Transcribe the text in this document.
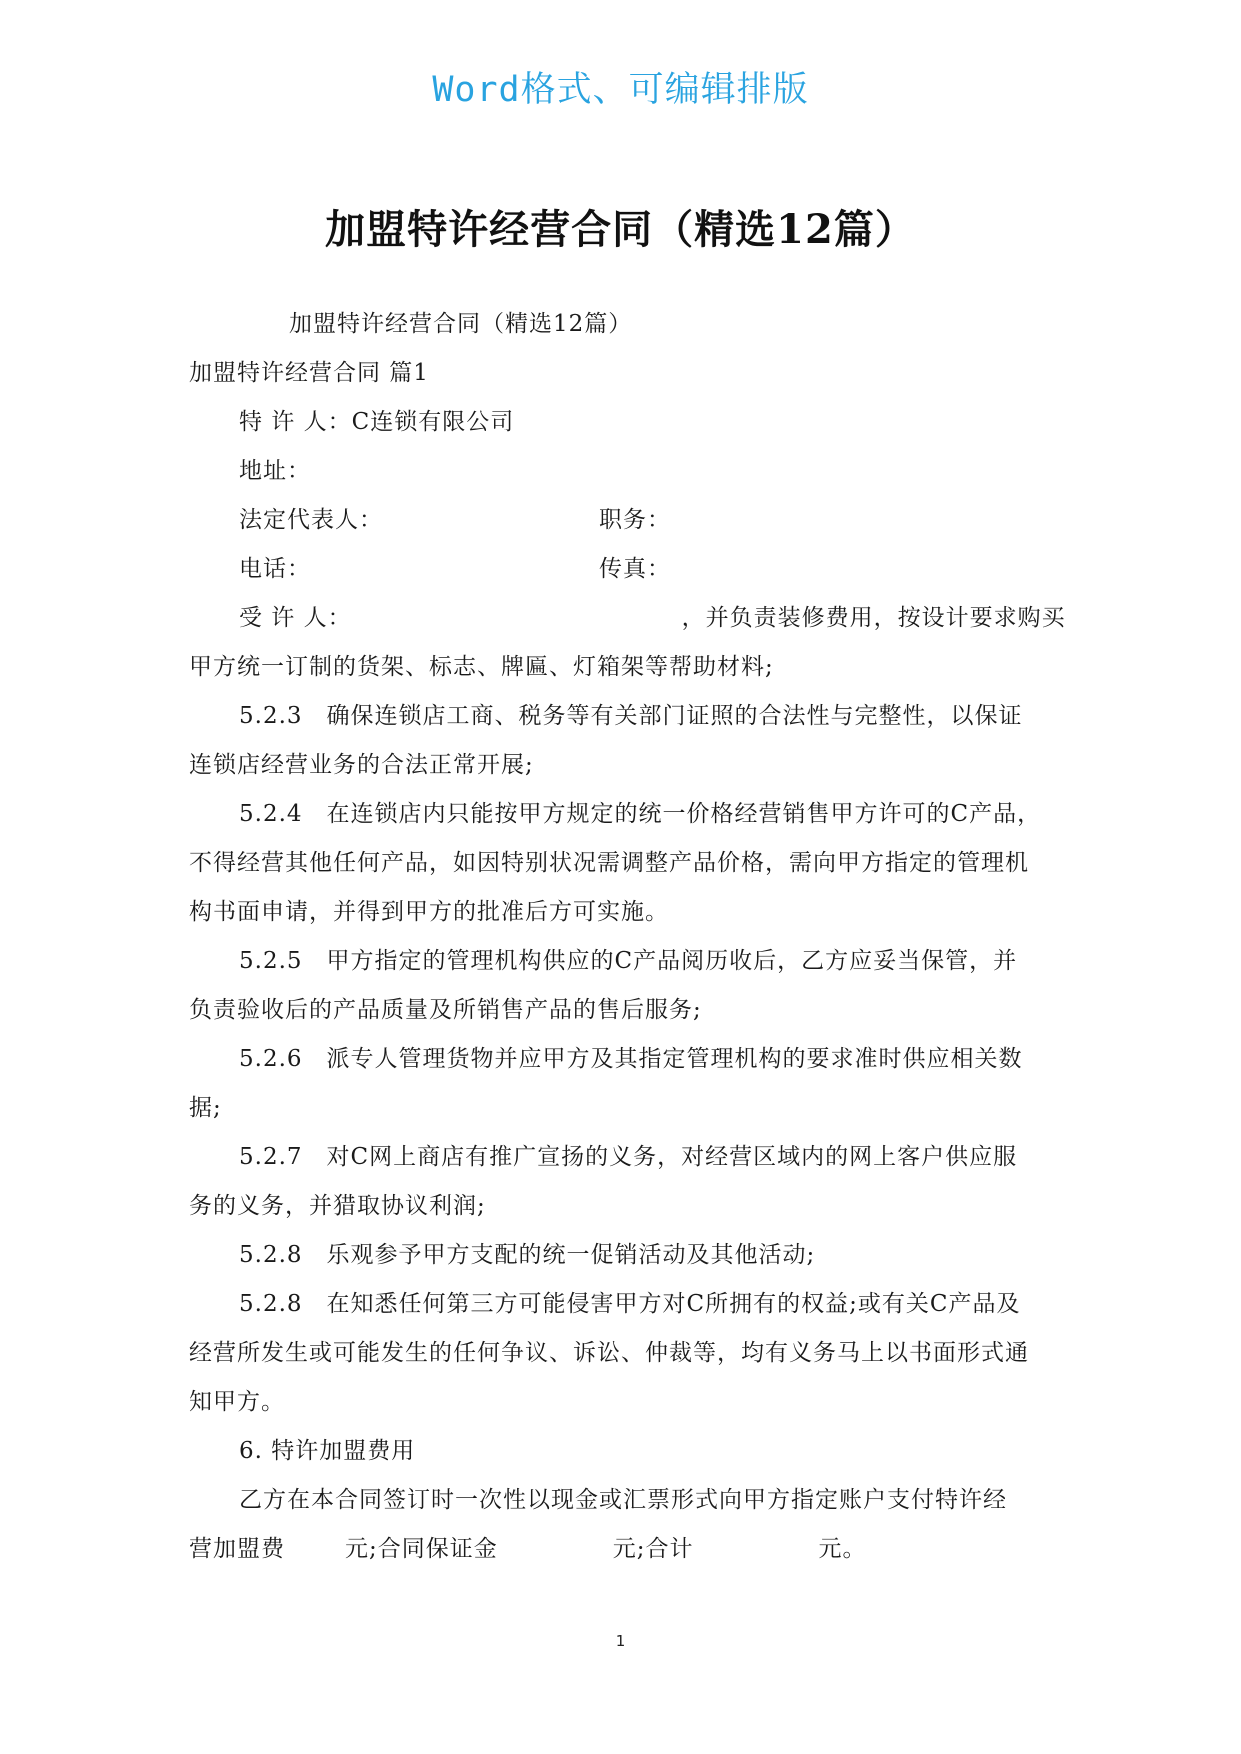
Word格式、可编辑排版
加盟特许经营合同（精选12篇）
加盟特许经营合同（精选12篇）
加盟特许经营合同 篇1
特 许 人：C连锁有限公司
地址：
法定代表人：	职务：
电话：	传真：
受 许 人：	，并负责装修费用，按设计要求购买
甲方统一订制的货架、标志、牌匾、灯箱架等帮助材料;
5.2.3　确保连锁店工商、税务等有关部门证照的合法性与完整性，以保证
连锁店经营业务的合法正常开展;
5.2.4　在连锁店内只能按甲方规定的统一价格经营销售甲方许可的C产品，
不得经营其他任何产品，如因特别状况需调整产品价格，需向甲方指定的管理机
构书面申请，并得到甲方的批准后方可实施。
5.2.5　甲方指定的管理机构供应的C产品阅历收后，乙方应妥当保管，并
负责验收后的产品质量及所销售产品的售后服务;
5.2.6　派专人管理货物并应甲方及其指定管理机构的要求准时供应相关数
据;
5.2.7　对C网上商店有推广宣扬的义务，对经营区域内的网上客户供应服
务的义务，并猎取协议利润;
5.2.8　乐观参予甲方支配的统一促销活动及其他活动;
5.2.8　在知悉任何第三方可能侵害甲方对C所拥有的权益;或有关C产品及
经营所发生或可能发生的任何争议、诉讼、仲裁等，均有义务马上以书面形式通
知甲方。
6. 特许加盟费用
乙方在本合同签订时一次性以现金或汇票形式向甲方指定账户支付特许经
营加盟费	元;合同保证金	元;合计	元。
1
